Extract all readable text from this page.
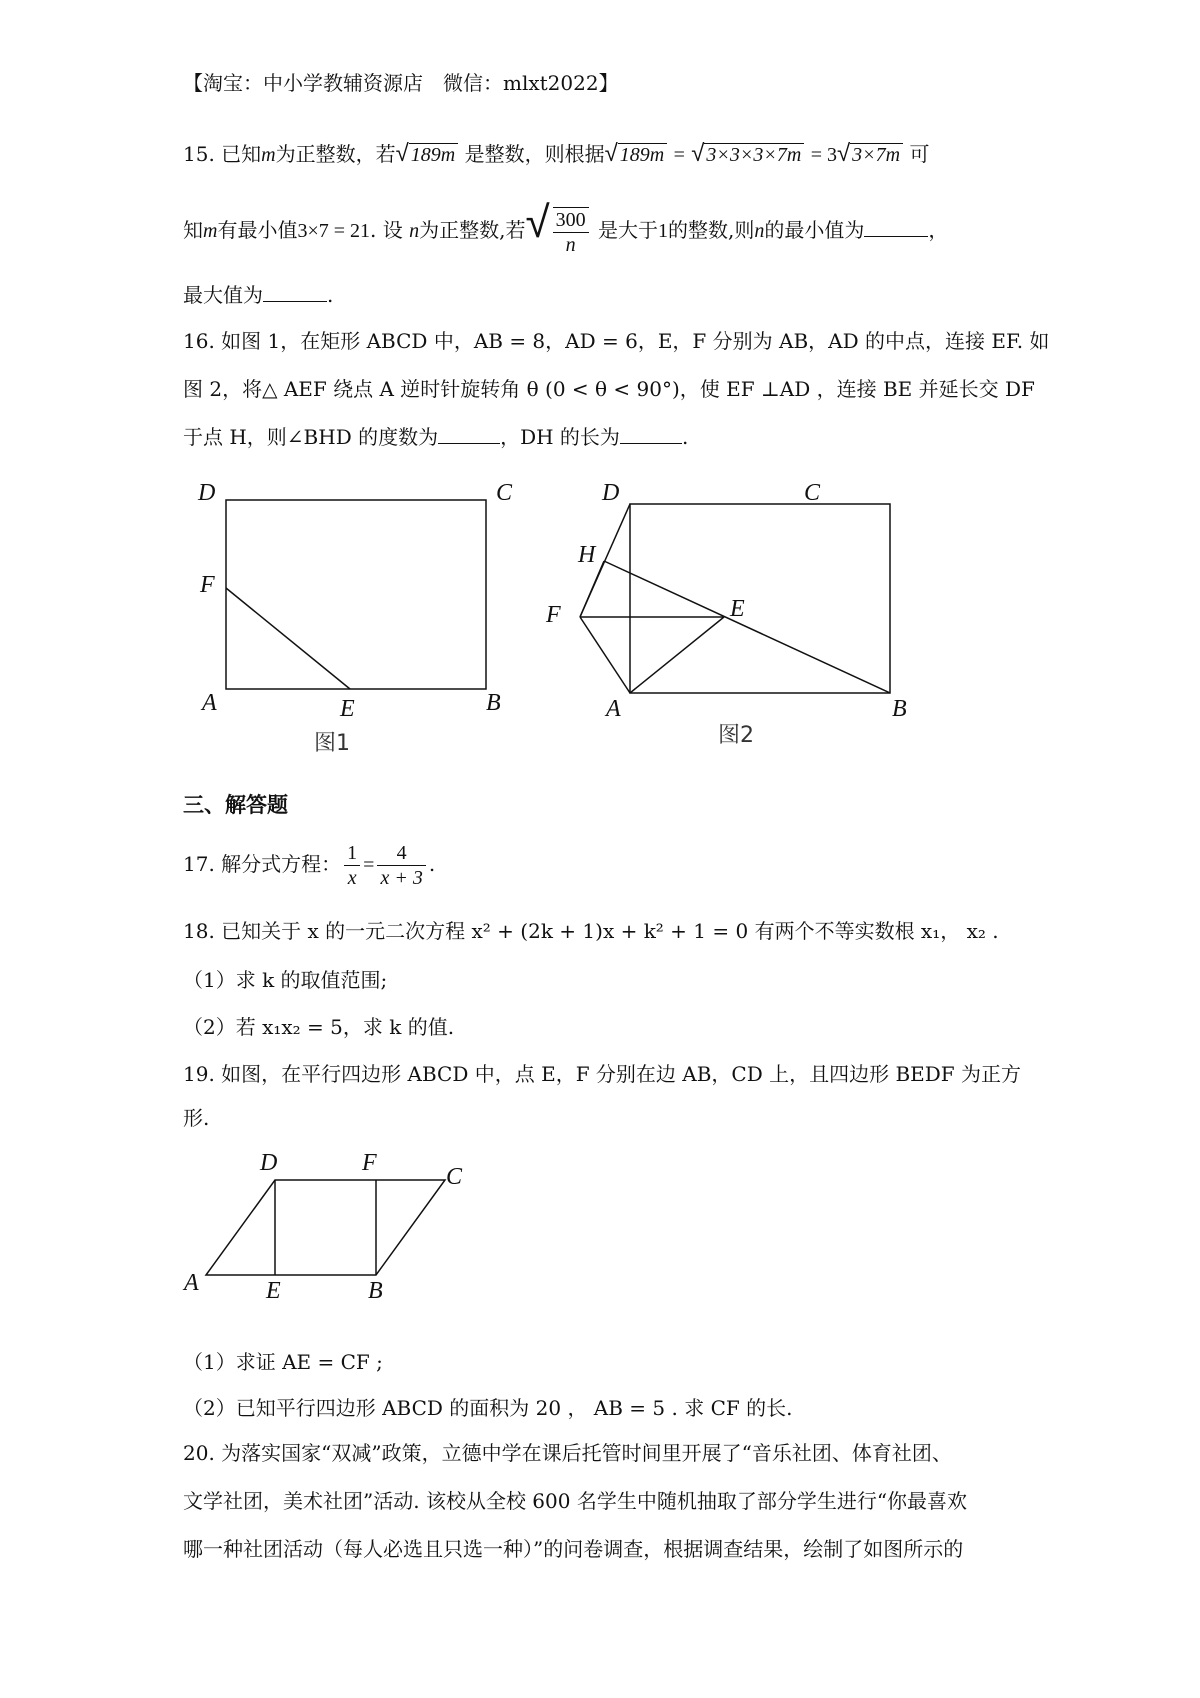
【淘宝：中小学教辅资源店　微信：mlxt2022】
15. 已知m为正整数，若√ 189m 是整数，则根据√ 189m = √ 3×3×3×7m = 3√ 3×7m 可
知m有最小值3×7 = 21. 设 n为正整数,若√ $\frac{300}{n}$ 是大于1的整数,则n的最小值为	，
最大值为	.
16. 如图 1，在矩形 ABCD 中，AB = 8，AD = 6，E，F 分别为 AB，AD 的中点，连接 EF. 如
图 2，将△ AEF 绕点 A 逆时针旋转角 θ (0 < θ < 90°)，使 EF ⊥AD ，连接 BE 并延长交 DF
于点 H，则∠BHD 的度数为	，DH 的长为	.
D	C
F
A	E	B
图1
D	C
H
F	E
A	B
图2
三、解答题
17. 解分式方程： $\frac{1}{x} = \frac{4}{x + 3}$ .
18. 已知关于 x 的一元二次方程 x² + (2k + 1)x + k² + 1 = 0 有两个不等实数根 x₁， x₂ .
（1）求 k 的取值范围;
（2）若 x₁x₂ = 5，求 k 的值.
19. 如图，在平行四边形 ABCD 中，点 E，F 分别在边 AB，CD 上，且四边形 BEDF 为正方
形.
D	F
C
A	E	B
（1）求证 AE = CF ;
（2）已知平行四边形 ABCD 的面积为 20 ， AB = 5 . 求 CF 的长.
20. 为落实国家“双减”政策，立德中学在课后托管时间里开展了“音乐社团、体育社团、
文学社团，美术社团”活动. 该校从全校 600 名学生中随机抽取了部分学生进行“你最喜欢
哪一种社团活动（每人必选且只选一种）”的问卷调查，根据调查结果，绘制了如图所示的
